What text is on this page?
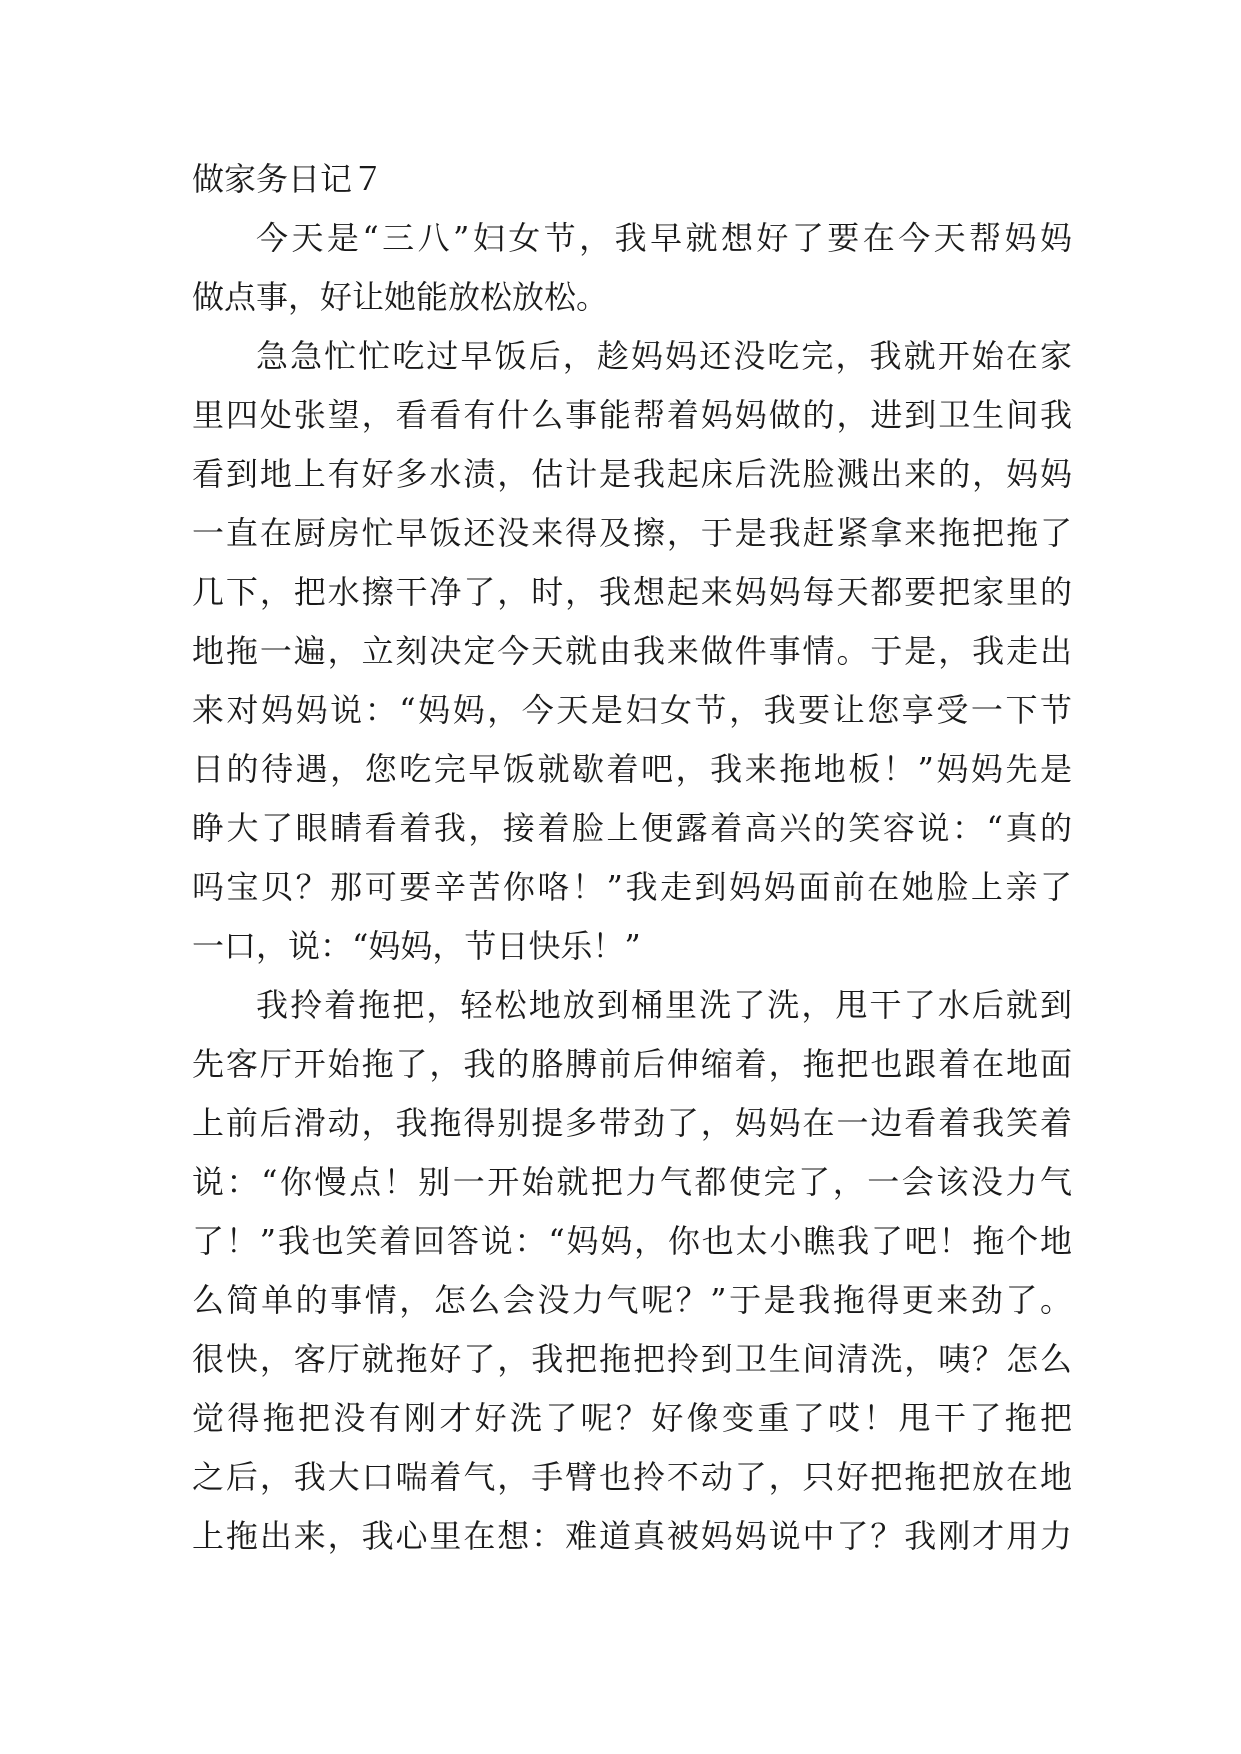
做家务日记７
今天是“三八”妇女节，我早就想好了要在今天帮妈妈
做点事，好让她能放松放松。
急急忙忙吃过早饭后，趁妈妈还没吃完，我就开始在家
里四处张望，看看有什么事能帮着妈妈做的，进到卫生间我
看到地上有好多水渍，估计是我起床后洗脸溅出来的，妈妈
一直在厨房忙早饭还没来得及擦，于是我赶紧拿来拖把拖了
几下，把水擦干净了，时，我想起来妈妈每天都要把家里的
地拖一遍，立刻决定今天就由我来做件事情。于是，我走出
来对妈妈说：“妈妈，今天是妇女节，我要让您享受一下节
日的待遇，您吃完早饭就歇着吧，我来拖地板！”妈妈先是
睁大了眼睛看着我，接着脸上便露着高兴的笑容说：“真的
吗宝贝？那可要辛苦你咯！”我走到妈妈面前在她脸上亲了
一口，说：“妈妈，节日快乐！”
我拎着拖把，轻松地放到桶里洗了洗，甩干了水后就到
先客厅开始拖了，我的胳膊前后伸缩着，拖把也跟着在地面
上前后滑动，我拖得别提多带劲了，妈妈在一边看着我笑着
说：“你慢点！别一开始就把力气都使完了，一会该没力气
了！”我也笑着回答说：“妈妈，你也太小瞧我了吧！拖个地
么简单的事情，怎么会没力气呢？”于是我拖得更来劲了。
很快，客厅就拖好了，我把拖把拎到卫生间清洗，咦？怎么
觉得拖把没有刚才好洗了呢？好像变重了哎！甩干了拖把
之后，我大口喘着气，手臂也拎不动了，只好把拖把放在地
上拖出来，我心里在想：难道真被妈妈说中了？我刚才用力
